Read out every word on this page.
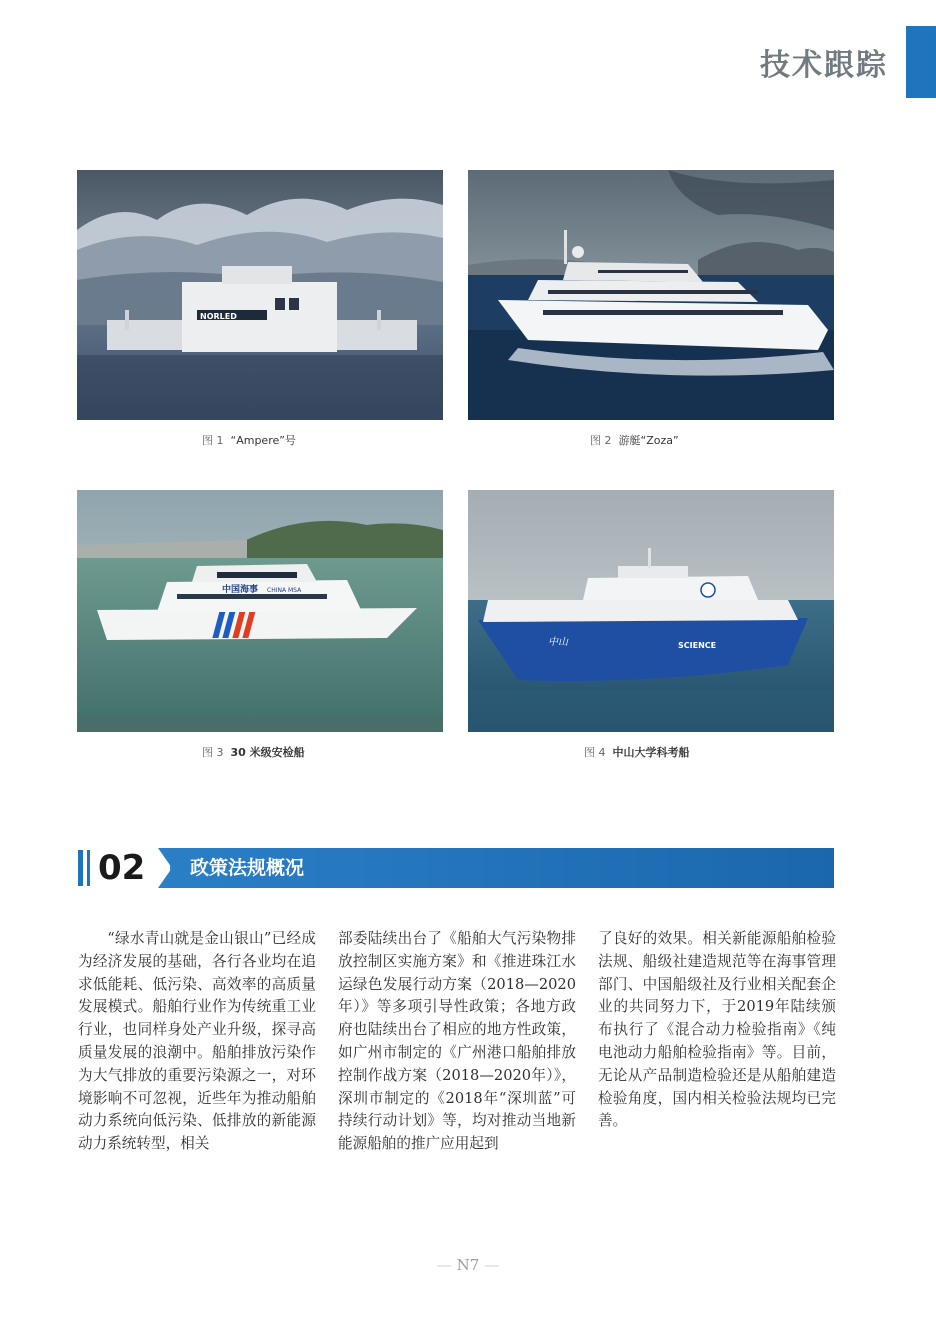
技术跟踪
NORLED
图 1 “Ampere”号	图 2 游艇“Zoza”
中国海事 CHINA MSA
图 3 30 米级安检船
中山	SCIENCE
图 4 中山大学科考船
02 政策法规概况

“绿水青山就是金山银山”已经成为经济发展的基础，各行各业均在追求低能耗、低污染、高效率的高质量发展模式。船舶行业作为传统重工业行业，也同样身处产业升级，探寻高质量发展的浪潮中。船舶排放污染作为大气排放的重要污染源之一，对环境影响不可忽视，近些年为推动船舶动力系统向低污染、低排放的新能源动力系统转型，相关

部委陆续出台了《船舶大气污染物排放控制区实施方案》和《推进珠江水运绿色发展行动方案（2018—2020年）》等多项引导性政策；各地方政府也陆续出台了相应的地方性政策，如广州市制定的《广州港口船舶排放控制作战方案（2018—2020年）》，深圳市制定的《2018年“深圳蓝”可持续行动计划》等，均对推动当地新能源船舶的推广应用起到

了良好的效果。相关新能源船舶检验法规、船级社建造规范等在海事管理部门、中国船级社及行业相关配套企业的共同努力下，于2019年陆续颁布执行了《混合动力检验指南》《纯电池动力船舶检验指南》等。目前，无论从产品制造检验还是从船舶建造检验角度，国内相关检验法规均已完善。

— N7 —
